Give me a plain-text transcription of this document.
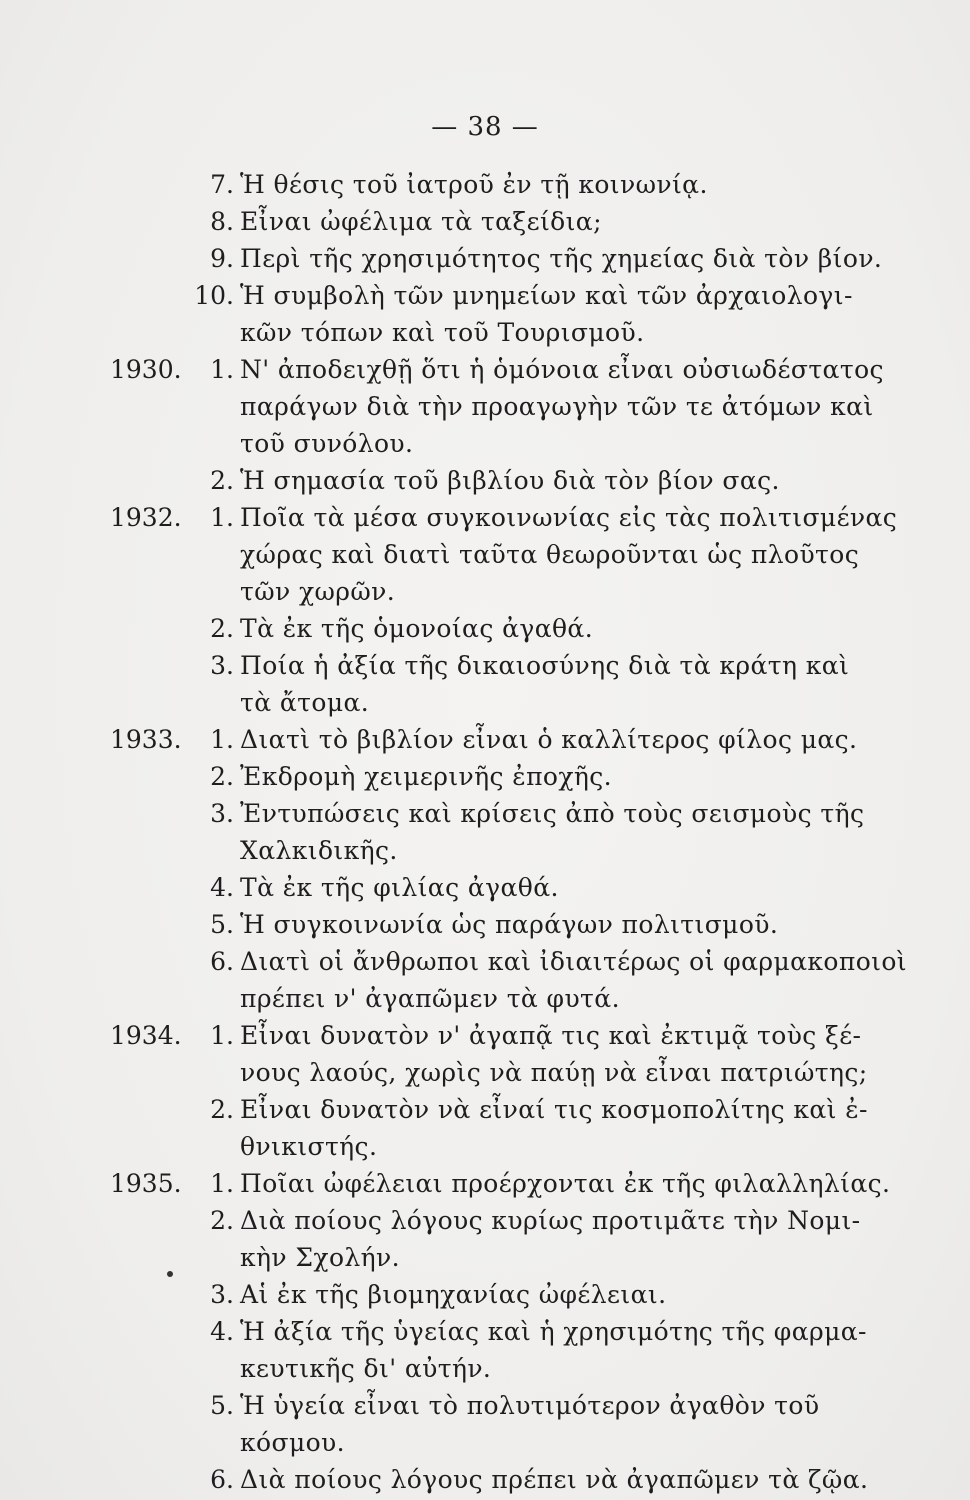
— 38 —
7. Ἡ θέσις τοῦ ἰατροῦ ἐν τῇ κοινωνίᾳ.
8. Εἶναι ὠφέλιμα τὰ ταξείδια;
9. Περὶ τῆς χρησιμότητος τῆς χημείας διὰ τὸν βίον.
10. Ἡ συμβολὴ τῶν μνημείων καὶ τῶν ἀρχαιολογι-
κῶν τόπων καὶ τοῦ Τουρισμοῦ.
1930.	1. Ν' ἀποδειχθῇ ὅτι ἡ ὁμόνοια εἶναι οὐσιωδέστατος
παράγων διὰ τὴν προαγωγὴν τῶν τε ἀτόμων καὶ
τοῦ συνόλου.
2. Ἡ σημασία τοῦ βιβλίου διὰ τὸν βίον σας.
1932.	1. Ποῖα τὰ μέσα συγκοινωνίας εἰς τὰς πολιτισμένας
χώρας καὶ διατὶ ταῦτα θεωροῦνται ὡς πλοῦτος
τῶν χωρῶν.
2. Τὰ ἐκ τῆς ὁμονοίας ἀγαθά.
3. Ποία ἡ ἀξία τῆς δικαιοσύνης διὰ τὰ κράτη καὶ
τὰ ἄτομα.
1933.	1. Διατὶ τὸ βιβλίον εἶναι ὁ καλλίτερος φίλος μας.
2. Ἐκδρομὴ χειμερινῆς ἐποχῆς.
3. Ἐντυπώσεις καὶ κρίσεις ἀπὸ τοὺς σεισμοὺς τῆς
Χαλκιδικῆς.
4. Τὰ ἐκ τῆς φιλίας ἀγαθά.
5. Ἡ συγκοινωνία ὡς παράγων πολιτισμοῦ.
6. Διατὶ οἱ ἄνθρωποι καὶ ἰδιαιτέρως οἱ φαρμακοποιοὶ
πρέπει ν' ἀγαπῶμεν τὰ φυτά.
1934.	1. Εἶναι δυνατὸν ν' ἀγαπᾷ τις καὶ ἐκτιμᾷ τοὺς ξέ-
νους λαούς, χωρὶς νὰ παύῃ νὰ εἶναι πατριώτης;
2. Εἶναι δυνατὸν νὰ εἶναί τις κοσμοπολίτης καὶ ἐ-
θνικιστής.
1935.	1. Ποῖαι ὠφέλειαι προέρχονται ἐκ τῆς φιλαλληλίας.
2. Διὰ ποίους λόγους κυρίως προτιμᾶτε τὴν Νομι-
κὴν Σχολήν.
3. Αἱ ἐκ τῆς βιομηχανίας ὠφέλειαι.
4. Ἡ ἀξία τῆς ὑγείας καὶ ἡ χρησιμότης τῆς φαρμα-
κευτικῆς δι' αὐτήν.
5. Ἡ ὑγεία εἶναι τὸ πολυτιμότερον ἀγαθὸν τοῦ
κόσμου.
6. Διὰ ποίους λόγους πρέπει νὰ ἀγαπῶμεν τὰ ζῷα.
